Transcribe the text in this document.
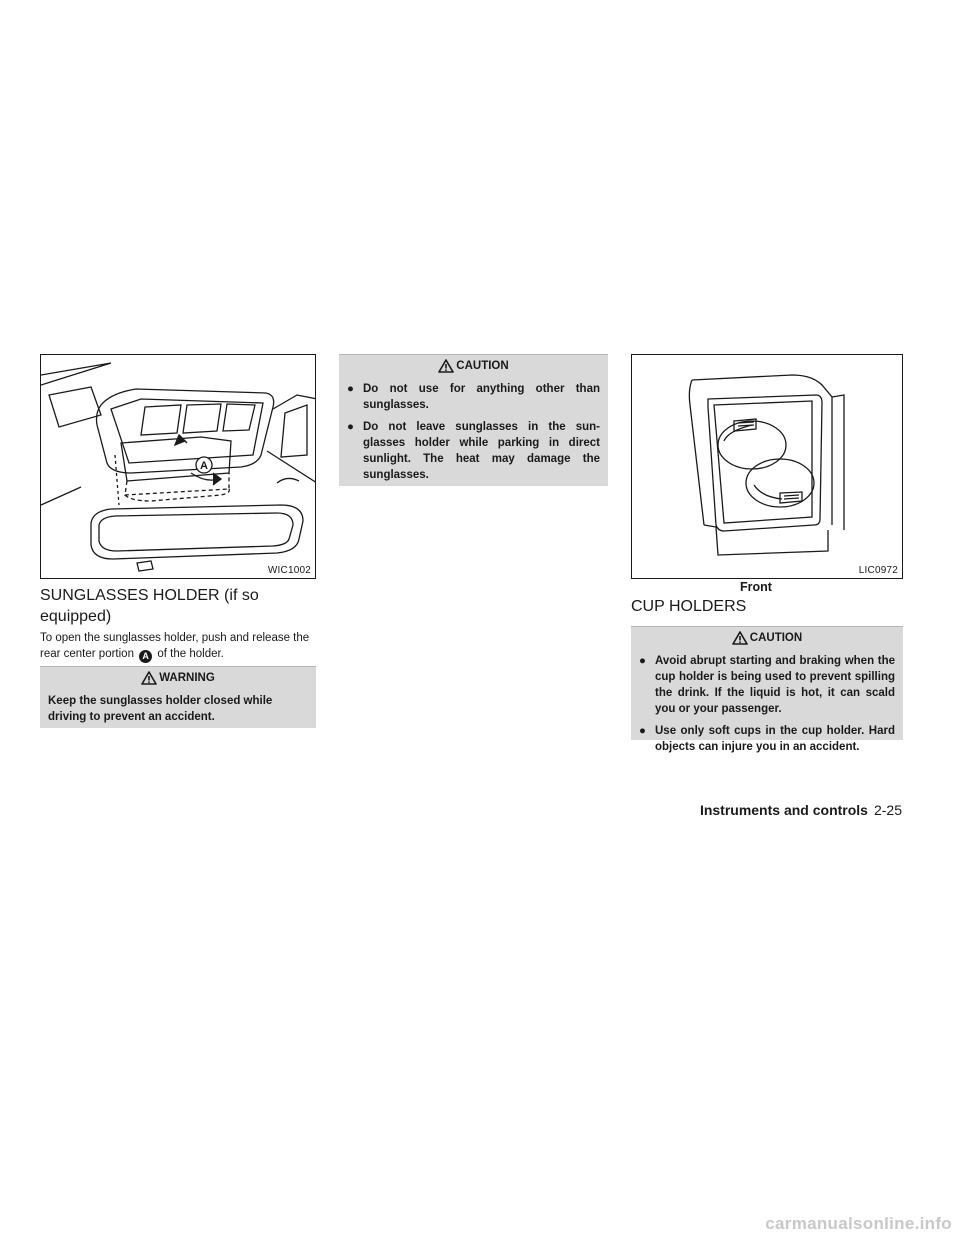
A
WIC1002
SUNGLASSES HOLDER (if so equipped)

To open the sunglasses holder, push and release the rear center portion A of the holder.

WARNING
Keep the sunglasses holder closed while driving to prevent an accident.
CAUTION
● Do not use for anything other than sunglasses.
● Do not leave sunglasses in the sun-glasses holder while parking in direct sunlight. The heat may damage the sunglasses.
LIC0972
Front
CUP HOLDERS
CAUTION
● Avoid abrupt starting and braking when the cup holder is being used to prevent spilling the drink. If the liquid is hot, it can scald you or your passenger.
● Use only soft cups in the cup holder. Hard objects can injure you in an accident.
Instruments and controls 2-25
carmanualsonline.info
